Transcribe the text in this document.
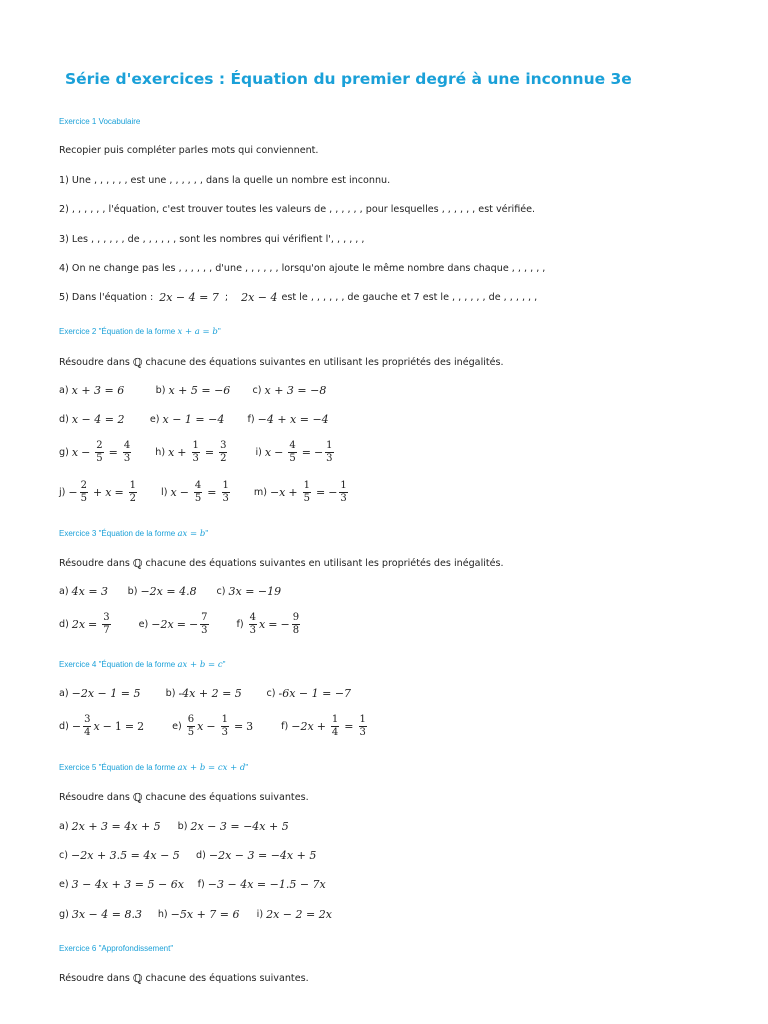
Série d'exercices : Équation du premier degré à une inconnue 3e
Exercice 1 Vocabulaire
Recopier puis compléter parles mots qui conviennent.
1) Une , , , , , , est une , , , , , , dans la quelle un nombre est inconnu.
2) , , , , , , l'équation, c'est trouver toutes les valeurs de , , , , , , pour lesquelles , , , , , , est vérifiée.
3) Les , , , , , , de , , , , , , sont les nombres qui vérifient l', , , , , ,
4) On ne change pas les , , , , , , d'une , , , , , , lorsqu'on ajoute le même nombre dans chaque , , , , , ,
5) Dans l'équation : 2x − 4 = 7 ; 2x − 4 est le , , , , , , de gauche et 7 est le , , , , , , de , , , , , ,
Exercice 2 "Équation de la forme x + a = b"
Résoudre dans ℚ chacune des équations suivantes en utilisant les propriétés des inégalités.
a) x + 3 = 6	b) x + 5 = −6	c) x + 3 = −8
d) x − 4 = 2	e) x − 1 = −4	f) −4 + x = −4
g) $x - \frac{2}{5} = \frac{4}{3}$	h) $x + \frac{1}{3} = \frac{3}{2}$	i) $x - \frac{4}{5}$ = − $\frac{1}{3}$
$j) - \frac{2}{5} + x = \frac{1}{2}$	l) $x - \frac{4}{5} = \frac{1}{3}$	$m) -x + \frac{1}{5}$ = − $\frac{1}{3}$
Exercice 3 "Équation de la forme ax = b"
Résoudre dans ℚ chacune des équations suivantes en utilisant les propriétés des inégalités.
a) 4x = 3	b) −2x = 4.8	c) 3x = −19
d) $2x = \frac{3}{7}$	e) −2x = − $\frac{7}{3}$	$f) \frac{4}{3}$ x = − $\frac{9}{8}$
Exercice 4 "Équation de la forme ax + b = c"
a) −2x − 1 = 5	b) -4x + 2 = 5	c) -6x − 1 = −7
$d) - \frac{3}{4}$ x − 1 = 2	$e) \frac{6}{5}$ $x - \frac{1}{3} = 3$	$f) -2x + \frac{1}{4} = \frac{1}{3}$
Exercice 5 "Équation de la forme ax + b = cx + d"
Résoudre dans ℚ chacune des équations suivantes.
a) 2x + 3 = 4x + 5	b) 2x − 3 = −4x + 5
c) −2x + 3.5 = 4x − 5	d) −2x − 3 = −4x + 5
e) 3 − 4x + 3 = 5 − 6x	f) −3 − 4x = −1.5 − 7x
g) 3x − 4 = 8.3	h) −5x + 7 = 6	i) 2x − 2 = 2x
Exercice 6 "Approfondissement"
Résoudre dans ℚ chacune des équations suivantes.
